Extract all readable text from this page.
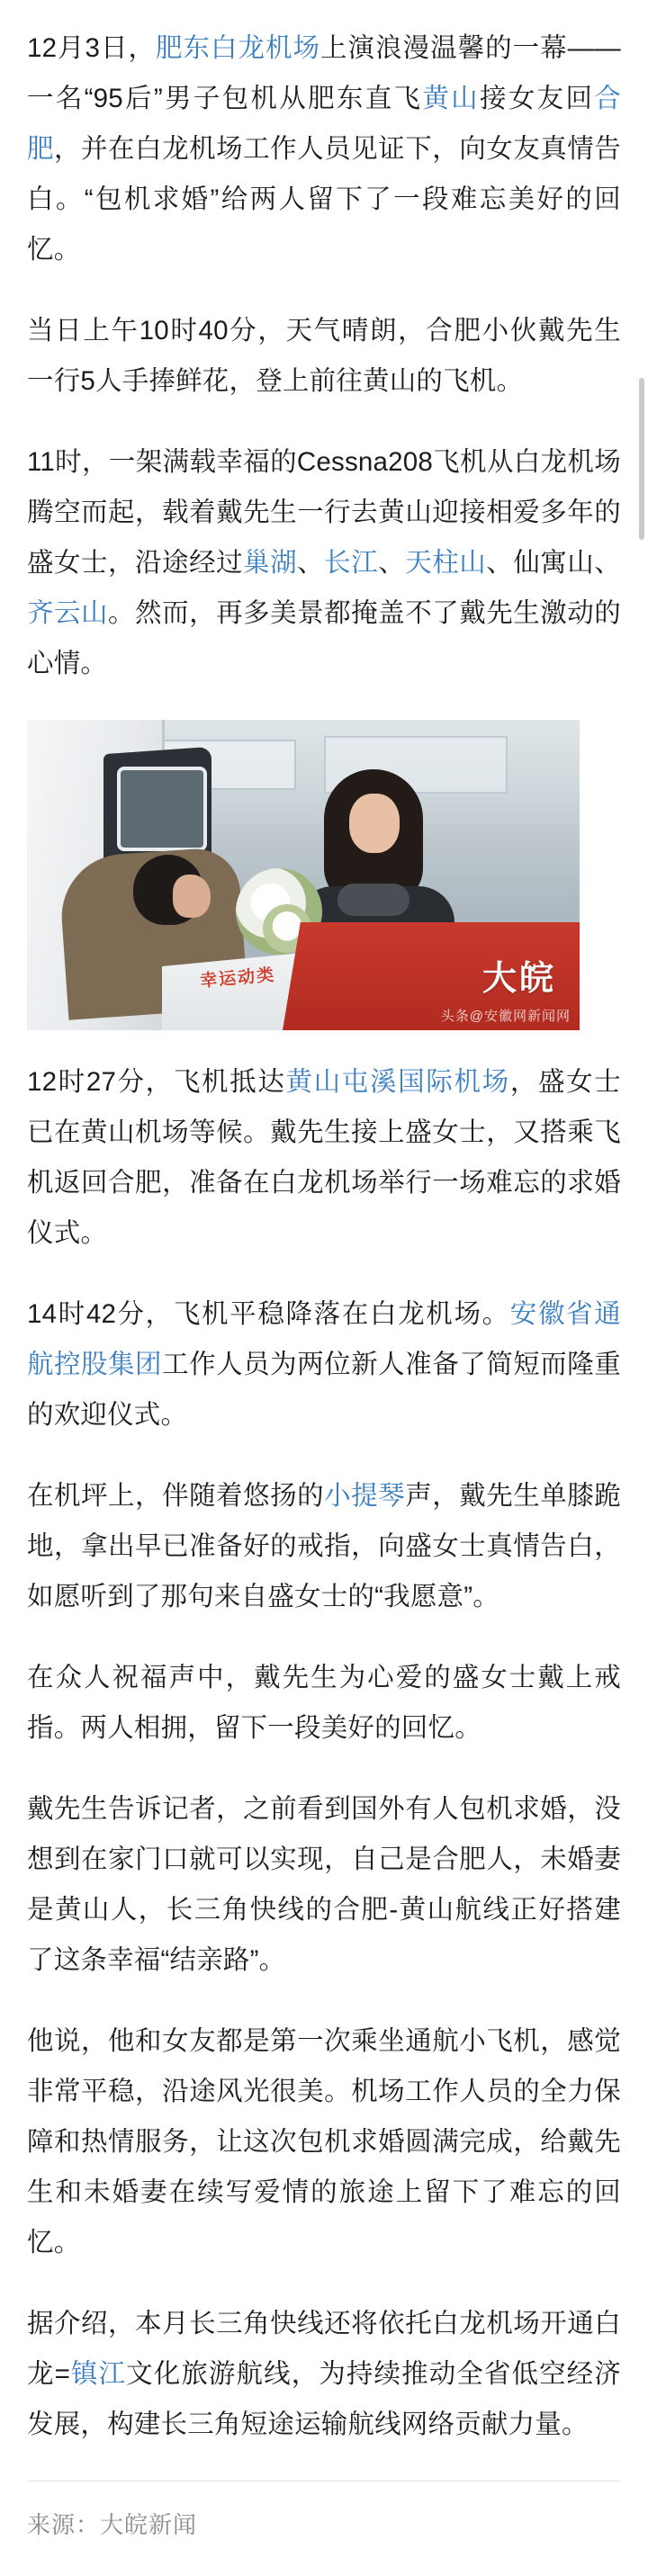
12月3日，肥东白龙机场上演浪漫温馨的一幕——一名“95后”男子包机从肥东直飞黄山接女友回合肥，并在白龙机场工作人员见证下，向女友真情告白。“包机求婚”给两人留下了一段难忘美好的回忆。

当日上午10时40分，天气晴朗，合肥小伙戴先生一行5人手捧鲜花，登上前往黄山的飞机。

11时，一架满载幸福的Cessna208飞机从白龙机场腾空而起，载着戴先生一行去黄山迎接相爱多年的盛女士，沿途经过巢湖、长江、天柱山、仙寓山、齐云山。然而，再多美景都掩盖不了戴先生激动的心情。

幸运动类	大皖
头条@安徽网新闻网

12时27分，飞机抵达黄山屯溪国际机场，盛女士已在黄山机场等候。戴先生接上盛女士，又搭乘飞机返回合肥，准备在白龙机场举行一场难忘的求婚仪式。

14时42分，飞机平稳降落在白龙机场。安徽省通航控股集团工作人员为两位新人准备了简短而隆重的欢迎仪式。

在机坪上，伴随着悠扬的小提琴声，戴先生单膝跪地，拿出早已准备好的戒指，向盛女士真情告白，如愿听到了那句来自盛女士的“我愿意”。

在众人祝福声中，戴先生为心爱的盛女士戴上戒指。两人相拥，留下一段美好的回忆。

戴先生告诉记者，之前看到国外有人包机求婚，没想到在家门口就可以实现，自己是合肥人，未婚妻是黄山人，长三角快线的合肥-黄山航线正好搭建了这条幸福“结亲路”。

他说，他和女友都是第一次乘坐通航小飞机，感觉非常平稳，沿途风光很美。机场工作人员的全力保障和热情服务，让这次包机求婚圆满完成，给戴先生和未婚妻在续写爱情的旅途上留下了难忘的回忆。

据介绍，本月长三角快线还将依托白龙机场开通白龙=镇江文化旅游航线，为持续推动全省低空经济发展，构建长三角短途运输航线网络贡献力量。

来源：大皖新闻
